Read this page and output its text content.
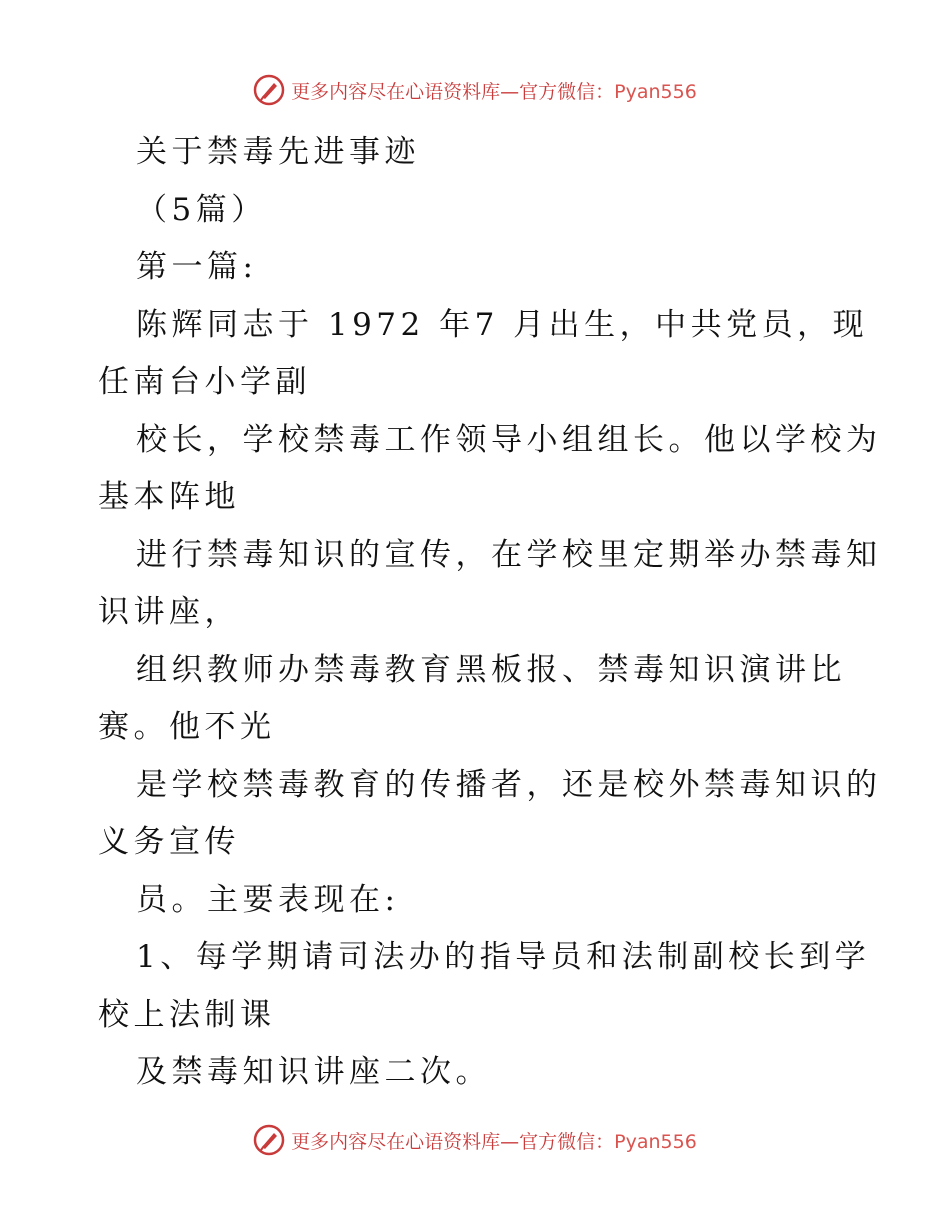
更多内容尽在心语资料库—官方微信：Pyan556
关于禁毒先进事迹
（5篇）
第一篇:
陈辉同志于 1972 年7 月出生，中共党员，现
任南台小学副
校长，学校禁毒工作领导小组组长。他以学校为
基本阵地
进行禁毒知识的宣传，在学校里定期举办禁毒知
识讲座，
组织教师办禁毒教育黑板报、禁毒知识演讲比
赛。他不光
是学校禁毒教育的传播者，还是校外禁毒知识的
义务宣传
员。主要表现在:
1、每学期请司法办的指导员和法制副校长到学
校上法制课
及禁毒知识讲座二次。
更多内容尽在心语资料库—官方微信：Pyan556
